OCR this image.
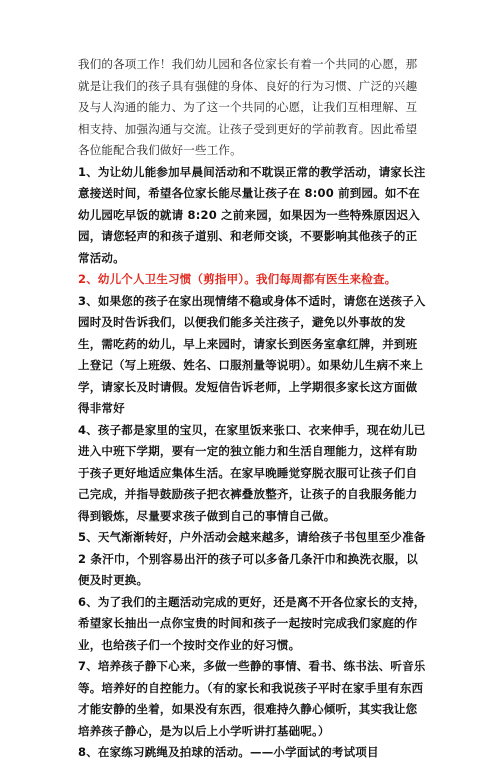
我们的各项工作！我们幼儿园和各位家长有着一个共同的心愿，那就是让我们的孩子具有强健的身体、良好的行为习惯、广泛的兴趣及与人沟通的能力、为了这一个共同的心愿，让我们互相理解、互相支持、加强沟通与交流。让孩子受到更好的学前教育。因此希望各位能配合我们做好一些工作。

1、为让幼儿能参加早晨间活动和不耽误正常的教学活动，请家长注意接送时间，希望各位家长能尽量让孩子在 8:00 前到园。如不在幼儿园吃早饭的就请 8:20 之前来园，如果因为一些特殊原因迟入园，请您轻声的和孩子道别、和老师交谈，不要影响其他孩子的正常活动。

2、幼儿个人卫生习惯（剪指甲）。我们每周都有医生来检查。

3、如果您的孩子在家出现情绪不稳或身体不适时，请您在送孩子入园时及时告诉我们，以便我们能多关注孩子，避免以外事故的发生，需吃药的幼儿，早上来园时，请家长到医务室拿红牌，并到班上登记（写上班级、姓名、口服剂量等说明）。如果幼儿生病不来上学，请家长及时请假。发短信告诉老师，上学期很多家长这方面做得非常好

4、孩子都是家里的宝贝，在家里饭来张口、衣来伸手，现在幼儿已进入中班下学期，要有一定的独立能力和生活自理能力，这样有助于孩子更好地适应集体生活。在家早晚睡觉穿脱衣服可让孩子们自己完成，并指导鼓励孩子把衣裤叠放整齐，让孩子的自我服务能力得到锻炼，尽量要求孩子做到自己的事情自己做。

5、天气渐渐转好，户外活动会越来越多，请给孩子书包里至少准备 2 条汗巾，个别容易出汗的孩子可以多备几条汗巾和换洗衣服，以便及时更换。

6、为了我们的主题活动完成的更好，还是离不开各位家长的支持，希望家长抽出一点你宝贵的时间和孩子一起按时完成我们家庭的作业，也给孩子们一个按时交作业的好习惯。

7、培养孩子静下心来，多做一些静的事情、看书、练书法、听音乐等。培养好的自控能力。（有的家长和我说孩子平时在家手里有东西才能安静的坐着，如果没有东西，很难持久静心倾听，其实我让您培养孩子静心，是为以后上小学听讲打基础呢。）

8、在家练习跳绳及拍球的活动。——小学面试的考试项目
